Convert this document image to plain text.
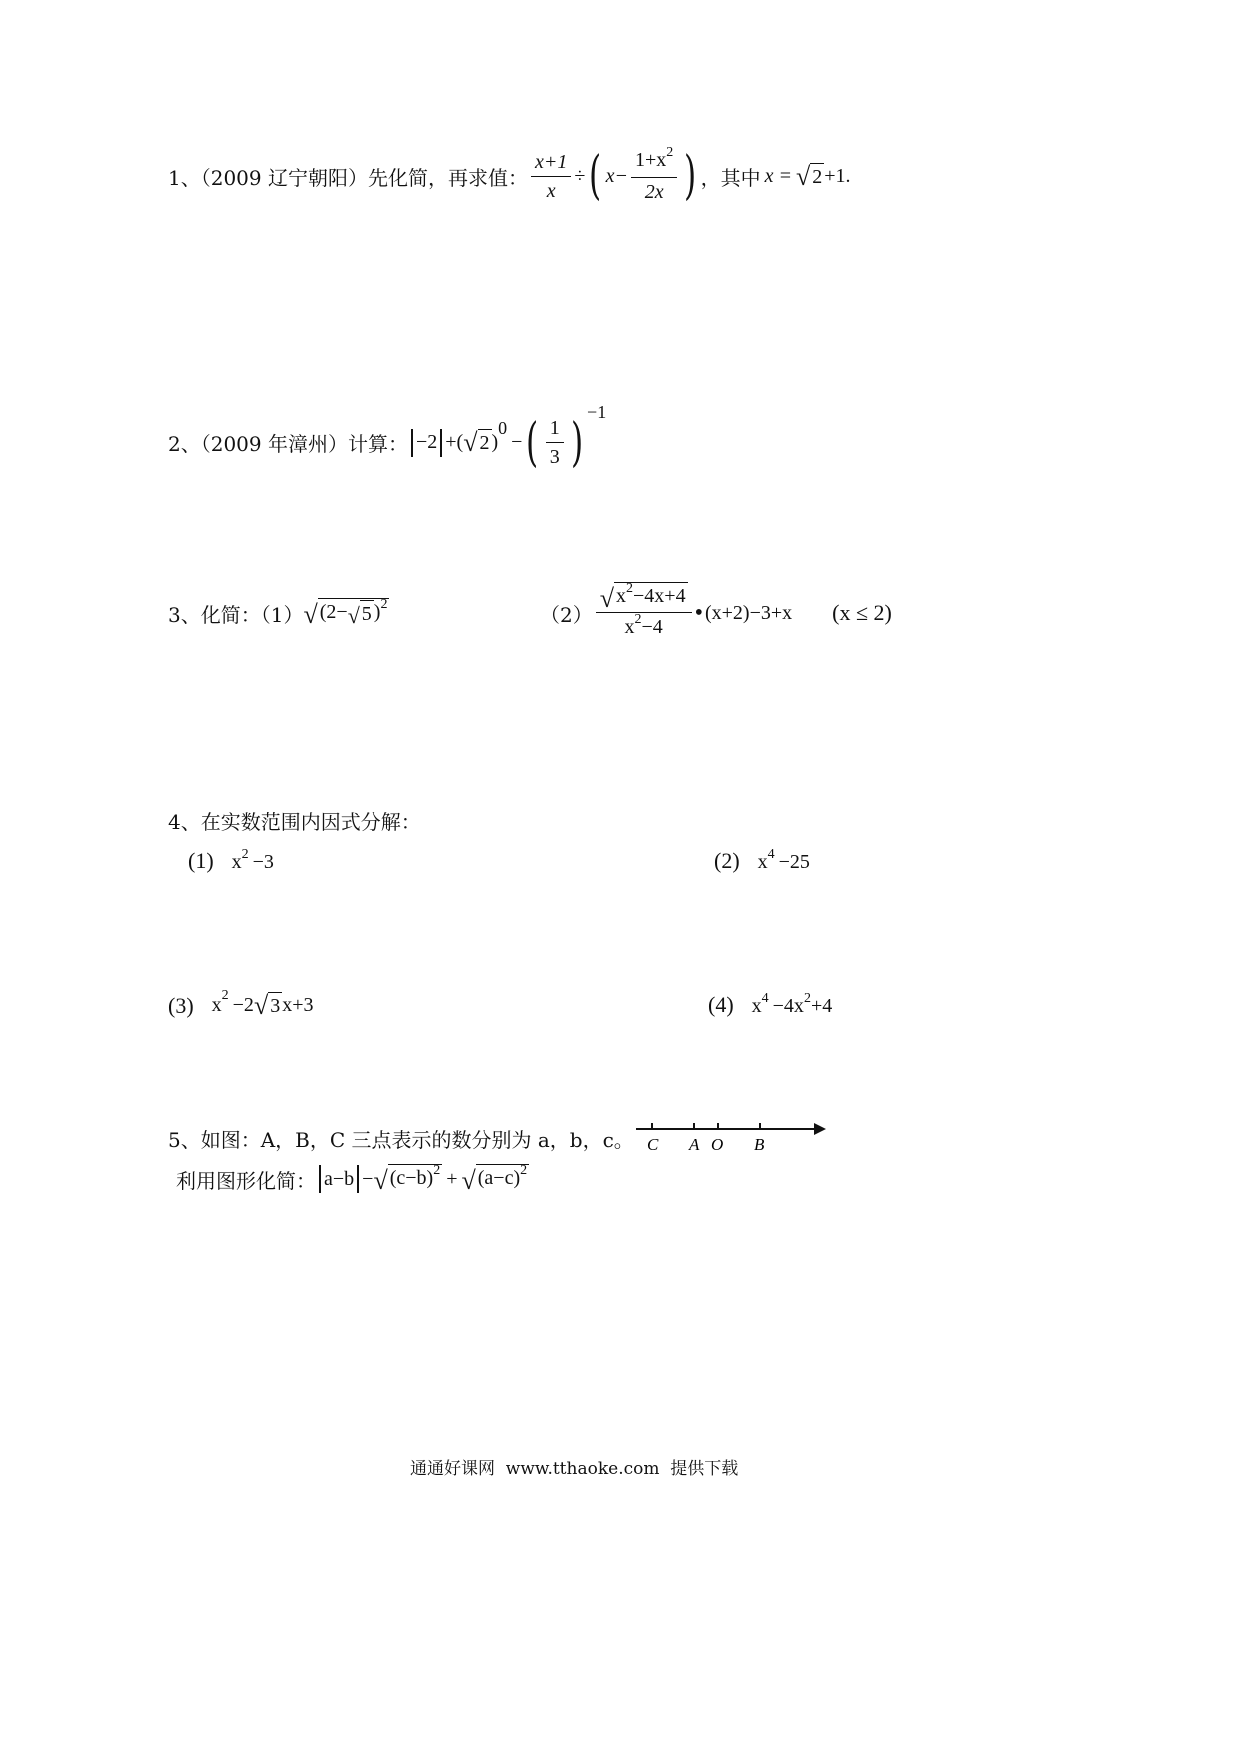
1、（2009 辽宁朝阳）先化简，再求值： $\frac{x+1}{x}$ ÷ ( $x- \frac{1+x^2}{2x}$ ) ，其中 x = √ 2 +1 .
2、（2009 年漳州）计算： −2 + ( √ 2 )
0
− ( $\frac{1}{3}$ )
−1
3、化简：（1） √ (2− √ 5 )$^2$	$(2) \frac{√ x^2-4x+4}{x^2-4}$ • (x+2)−3+x (x ≤ 2)
4、在实数范围内因式分解：
(1) $x^2 -3$	(2) $x^4 -25$
(3) x 2 −2 √ 3 x+3	(4) $x^4 -4x^2+4$
5、如图：A，B，C 三点表示的数分别为 a，b，c。 C A O B
利用图形化简： a−b − √ $(c-b)^2$ + √ $(a-c)^2$
通通好课网  www.tthaoke.com  提供下载
